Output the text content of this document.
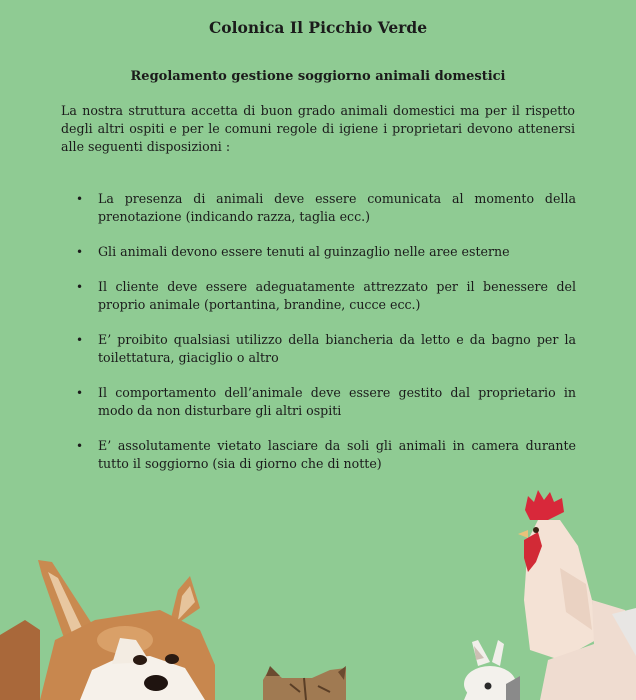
Colonica Il Picchio Verde
Regolamento gestione soggiorno animali domestici
La nostra struttura accetta di buon grado animali domestici ma per il rispetto degli altri ospiti e per le comuni regole di igiene i proprietari devono attenersi alle seguenti disposizioni :
• La presenza di animali deve essere comunicata al momento della prenotazione (indicando razza, taglia ecc.)
• Gli animali devono essere tenuti al guinzaglio nelle aree esterne
• Il cliente deve essere adeguatamente attrezzato per il benessere del proprio animale (portantina, brandine, cucce ecc.)
• E’ proibito qualsiasi utilizzo della biancheria da letto e da bagno per la toilettatura, giaciglio o altro
• Il comportamento dell’animale deve essere gestito dal proprietario in modo da non disturbare gli altri ospiti
• E’ assolutamente vietato lasciare da soli gli animali in camera durante tutto il soggiorno (sia di giorno che di notte)
